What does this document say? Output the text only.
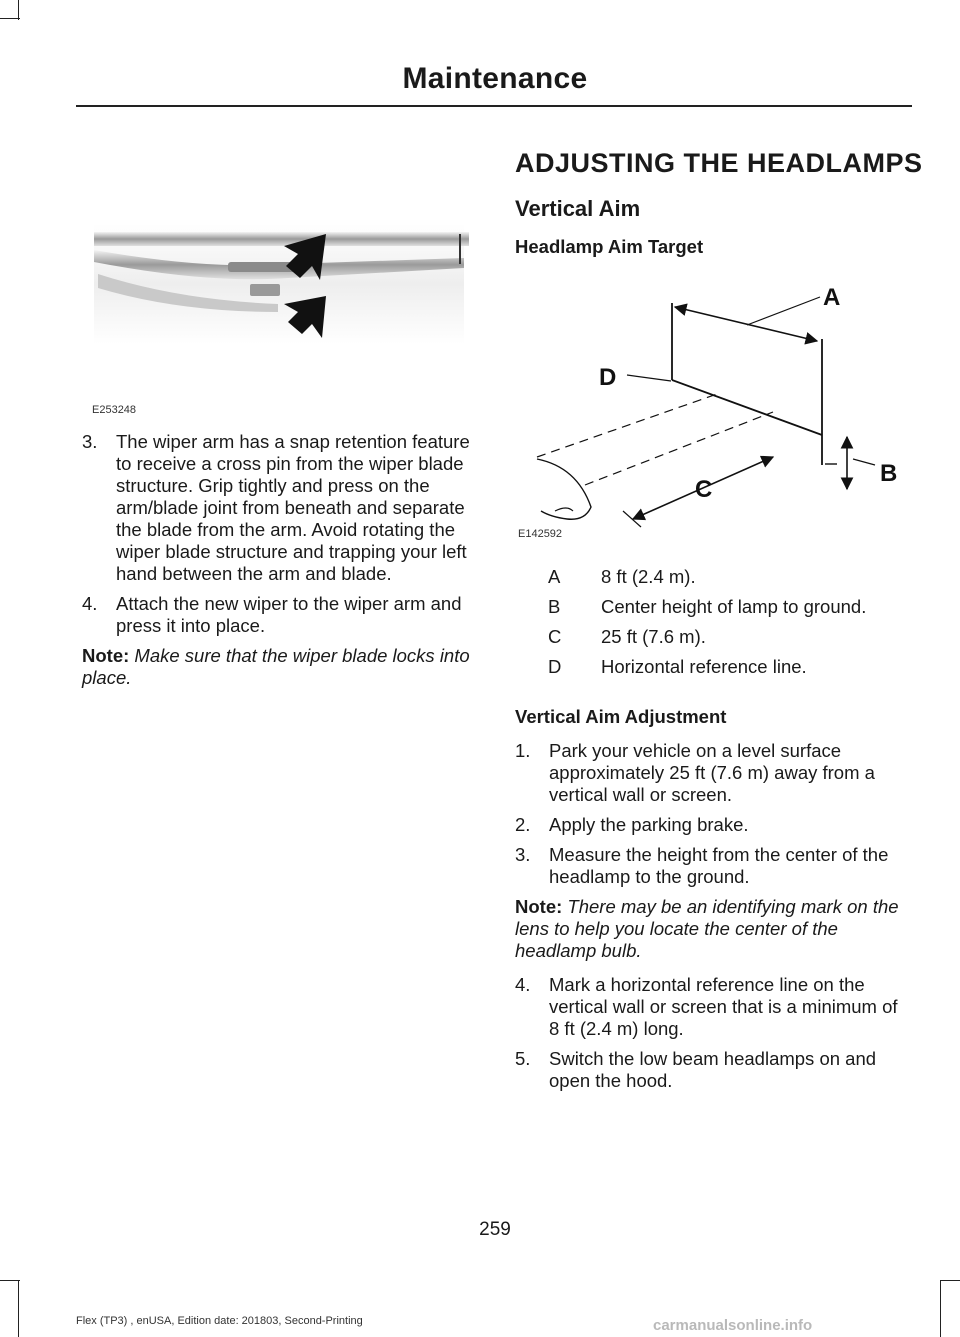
Maintenance
E253248
3. The wiper arm has a snap retention feature to receive a cross pin from the wiper blade structure. Grip tightly and press on the arm/blade joint from beneath and separate the blade from the arm. Avoid rotating the wiper blade structure and trapping your left hand between the arm and blade.
4. Attach the new wiper to the wiper arm and press it into place.
Note: Make sure that the wiper blade locks into place.
ADJUSTING THE HEADLAMPS
Vertical Aim
Headlamp Aim Target
A
D
B
C
E142592
A 8 ft (2.4 m).
B Center height of lamp to ground.
C 25 ft (7.6 m).
D Horizontal reference line.
Vertical Aim Adjustment
1. Park your vehicle on a level surface approximately 25 ft (7.6 m) away from a vertical wall or screen.
2. Apply the parking brake.
3. Measure the height from the center of the headlamp to the ground.
Note: There may be an identifying mark on the lens to help you locate the center of the headlamp bulb.
4. Mark a horizontal reference line on the vertical wall or screen that is a minimum of 8 ft (2.4 m) long.
5. Switch the low beam headlamps on and open the hood.
259
Flex (TP3) , enUSA, Edition date: 201803, Second-Printing	carmanualsonline.info
